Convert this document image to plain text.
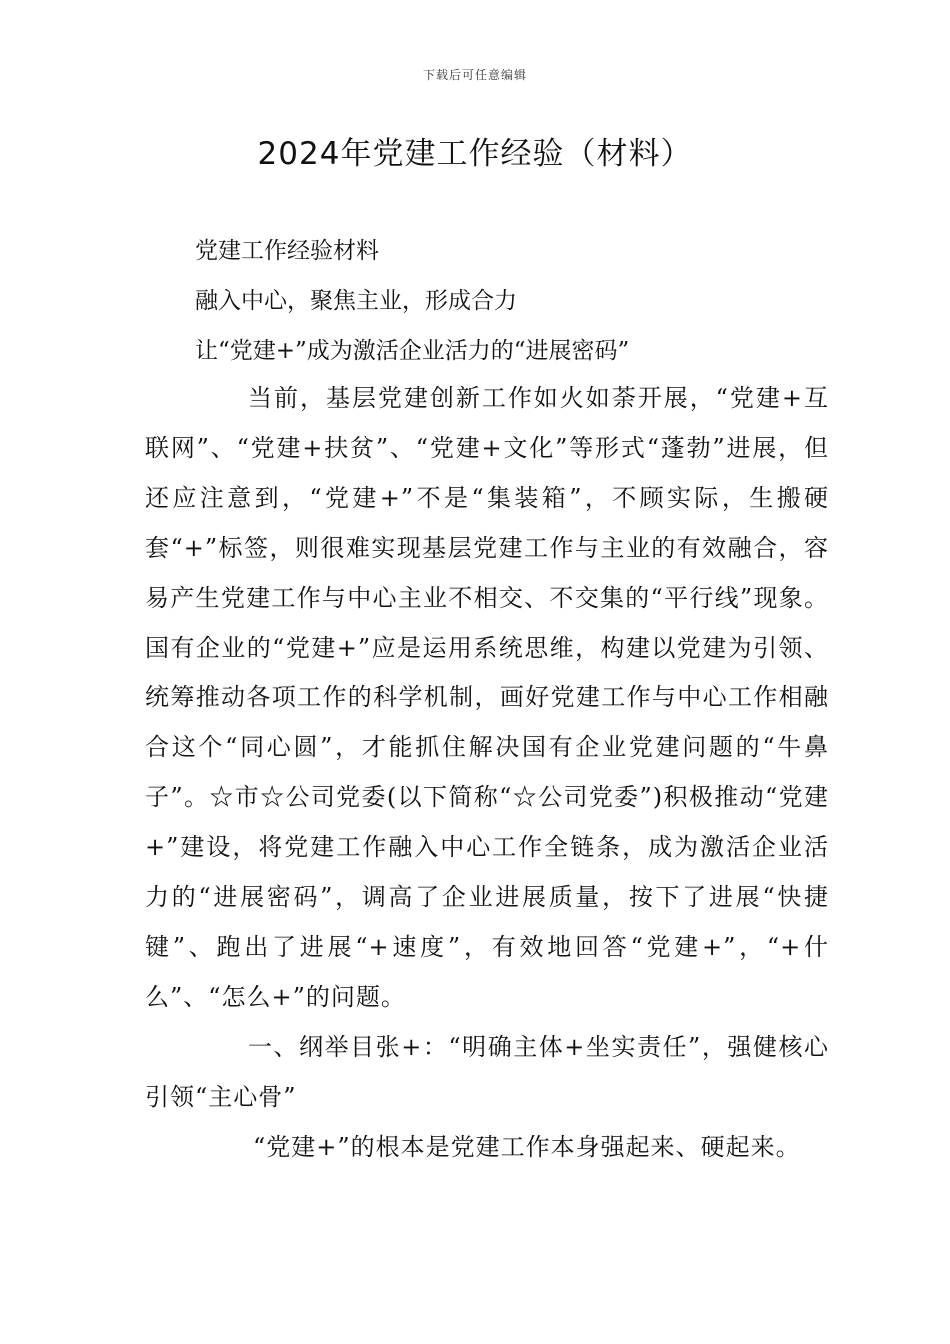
下载后可任意编辑
2024年党建工作经验（材料）
党建工作经验材料
融入中心，聚焦主业，形成合力
让“党建+”成为激活企业活力的“进展密码”

当前，基层党建创新工作如火如荼开展，“党建+互联网”、“党建+扶贫”、“党建+文化”等形式“蓬勃”进展，但还应注意到，“党建+”不是“集装箱”，不顾实际，生搬硬套“+”标签，则很难实现基层党建工作与主业的有效融合，容易产生党建工作与中心主业不相交、不交集的“平行线”现象。国有企业的“党建+”应是运用系统思维，构建以党建为引领、统筹推动各项工作的科学机制，画好党建工作与中心工作相融合这个“同心圆”，才能抓住解决国有企业党建问题的“牛鼻子”。☆市☆公司党委(以下简称“☆公司党委”)积极推动“党建+”建设，将党建工作融入中心工作全链条，成为激活企业活力的“进展密码”，调高了企业进展质量，按下了进展“快捷键”、跑出了进展“+速度”，有效地回答“党建+”，“+什么”、“怎么+”的问题。

一、纲举目张+：“明确主体+坐实责任”，强健核心引领“主心骨”

“党建+”的根本是党建工作本身强起来、硬起来。
